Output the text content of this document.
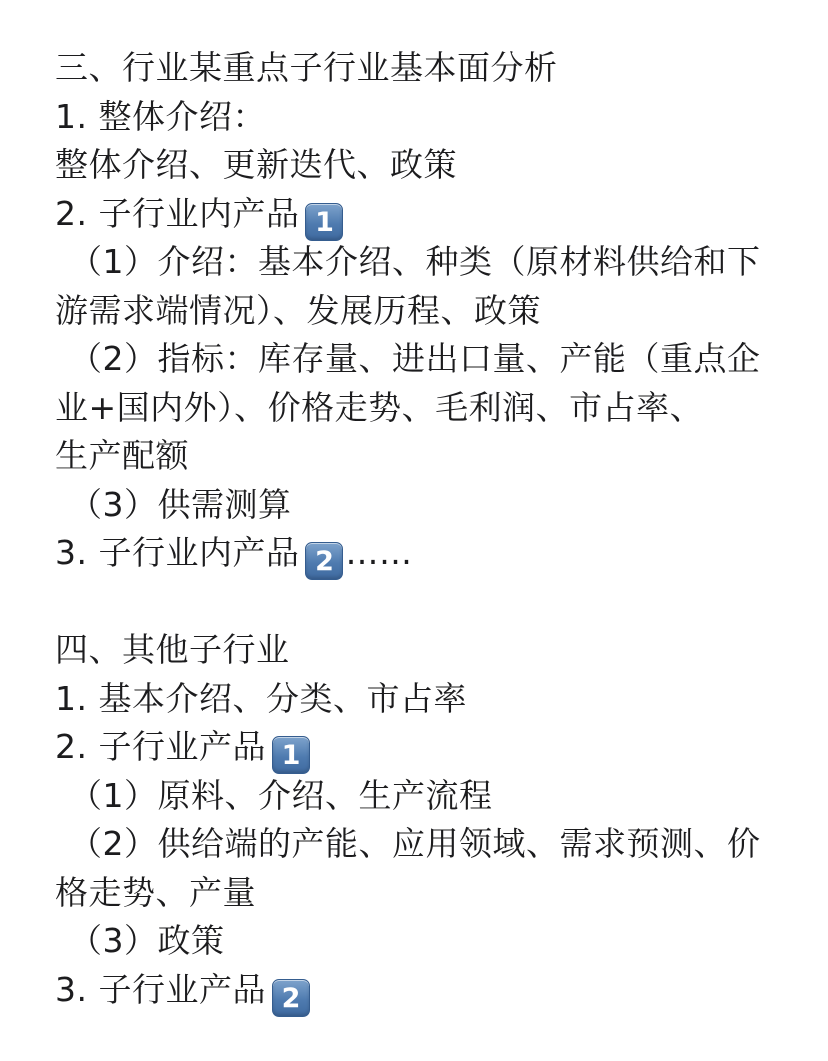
三、行业某重点子行业基本面分析
1. 整体介绍：
整体介绍、更新迭代、政策
2. 子行业内产品 1
（1）介绍：基本介绍、种类（原材料供给和下
游需求端情况）、发展历程、政策
（2）指标：库存量、进出口量、产能（重点企
业+国内外）、价格走势、毛利润、市占率、
生产配额
（3）供需测算
3. 子行业内产品 2 ……
四、其他子行业
1. 基本介绍、分类、市占率
2. 子行业产品 1
（1）原料、介绍、生产流程
（2）供给端的产能、应用领域、需求预测、价
格走势、产量
（3）政策
3. 子行业产品 2
